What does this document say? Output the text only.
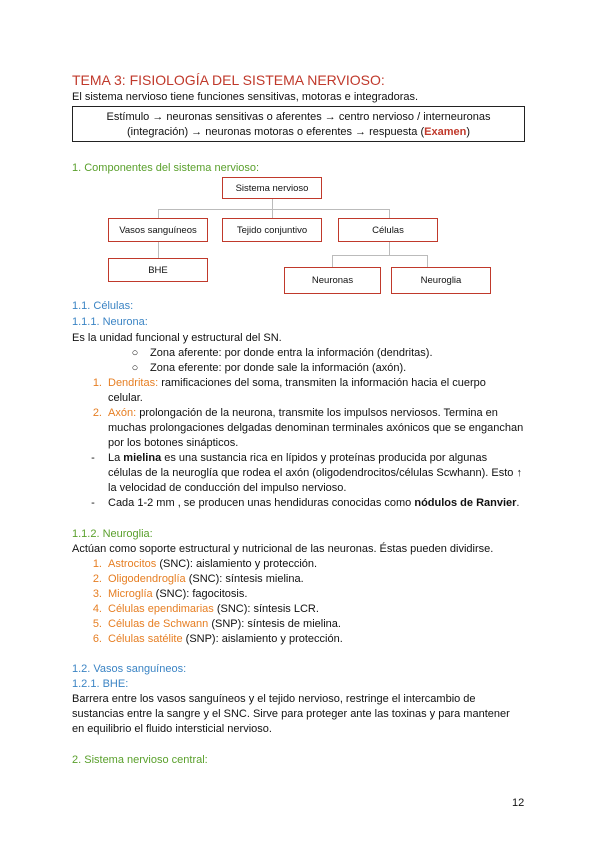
TEMA 3: FISIOLOGÍA DEL SISTEMA NERVIOSO:
El sistema nervioso tiene funciones sensitivas, motoras e integradoras.
Estímulo → neuronas sensitivas o aferentes → centro nervioso / interneuronas
(integración) → neuronas motoras o eferentes → respuesta (Examen)
1. Componentes del sistema nervioso:
Sistema nervioso
Vasos sanguíneos	Tejido conjuntivo	Células
BHE
Neuronas	Neuroglia
1.1. Células:
1.1.1. Neurona:
Es la unidad funcional y estructural del SN.
○ Zona aferente: por donde entra la información (dendritas).
○ Zona eferente: por donde sale la información (axón).
1. Dendritas: ramificaciones del soma, transmiten la información hacia el cuerpo
celular.
2. Axón: prolongación de la neurona, transmite los impulsos nerviosos. Termina en
muchas prolongaciones delgadas denominan terminales axónicos que se enganchan
por los botones sinápticos.
- La mielina es una sustancia rica en lípidos y proteínas producida por algunas
células de la neuroglía que rodea el axón (oligodendrocitos/células Scwhann). Esto ↑
la velocidad de conducción del impulso nervioso.
- Cada 1-2 mm , se producen unas hendiduras conocidas como nódulos de Ranvier.
1.1.2. Neuroglia:
Actúan como soporte estructural y nutricional de las neuronas. Éstas pueden dividirse.
1. Astrocitos (SNC): aislamiento y protección.
2. Oligodendroglía (SNC): síntesis mielina.
3. Microglía (SNC): fagocitosis.
4. Células ependimarias (SNC): síntesis LCR.
5. Células de Schwann (SNP): síntesis de mielina.
6. Células satélite (SNP): aislamiento y protección.
1.2. Vasos sanguíneos:
1.2.1. BHE:
Barrera entre los vasos sanguíneos y el tejido nervioso, restringe el intercambio de
sustancias entre la sangre y el SNC. Sirve para proteger ante las toxinas y para mantener
en equilibrio el fluido intersticial nervioso.
2. Sistema nervioso central:
12
